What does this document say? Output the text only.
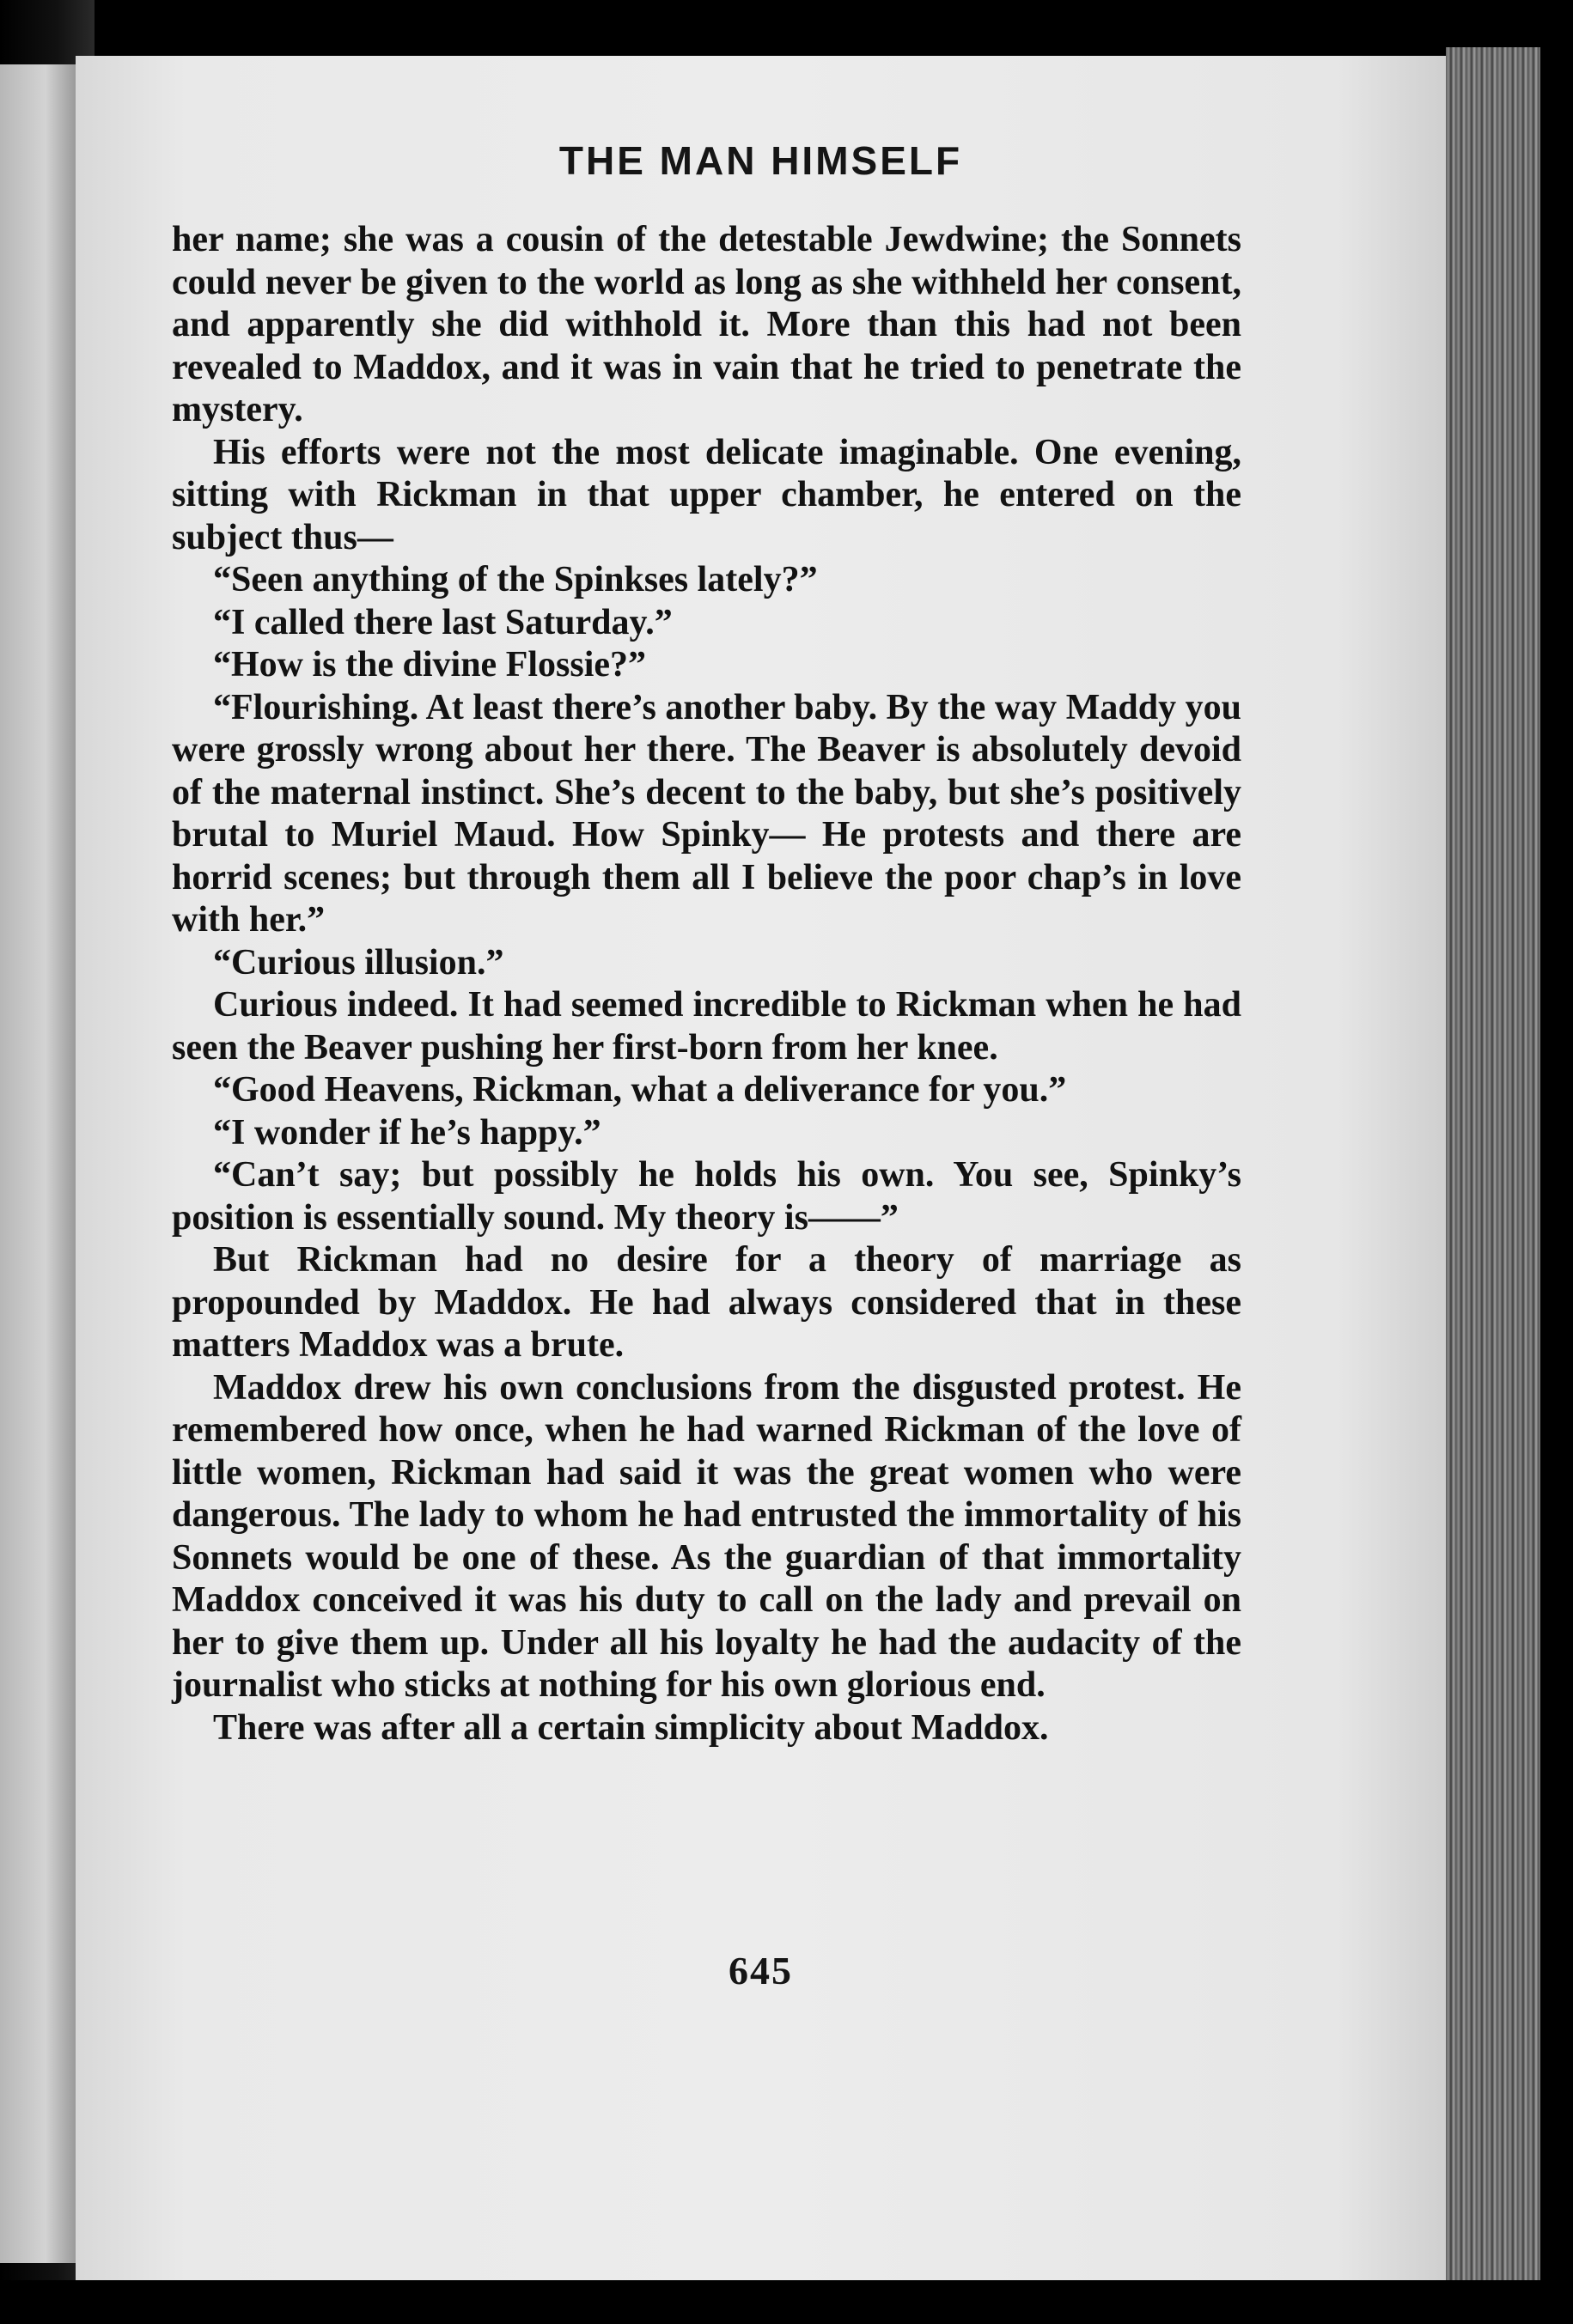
THE MAN HIMSELF

her name; she was a cousin of the detestable Jewdwine; the Sonnets could never be given to the world as long as she withheld her consent, and apparently she did withhold it. More than this had not been revealed to Maddox, and it was in vain that he tried to penetrate the mystery.

His efforts were not the most delicate imaginable. One evening, sitting with Rickman in that upper chamber, he entered on the subject thus—

“Seen anything of the Spinkses lately?”

“I called there last Saturday.”

“How is the divine Flossie?”

“Flourishing. At least there’s another baby. By the way Maddy you were grossly wrong about her there. The Beaver is absolutely devoid of the maternal instinct. She’s decent to the baby, but she’s positively brutal to Muriel Maud. How Spinky— He protests and there are horrid scenes; but through them all I believe the poor chap’s in love with her.”

“Curious illusion.”

Curious indeed. It had seemed incredible to Rickman when he had seen the Beaver pushing her first-born from her knee.

“Good Heavens, Rickman, what a deliverance for you.”

“I wonder if he’s happy.”

“Can’t say; but possibly he holds his own. You see, Spinky’s position is essentially sound. My theory is——”

But Rickman had no desire for a theory of marriage as propounded by Maddox. He had always considered that in these matters Maddox was a brute.

Maddox drew his own conclusions from the disgusted protest. He remembered how once, when he had warned Rickman of the love of little women, Rickman had said it was the great women who were dangerous. The lady to whom he had entrusted the immortality of his Sonnets would be one of these. As the guardian of that immortality Maddox conceived it was his duty to call on the lady and prevail on her to give them up. Under all his loyalty he had the audacity of the journalist who sticks at nothing for his own glorious end.

There was after all a certain simplicity about Maddox.

645
